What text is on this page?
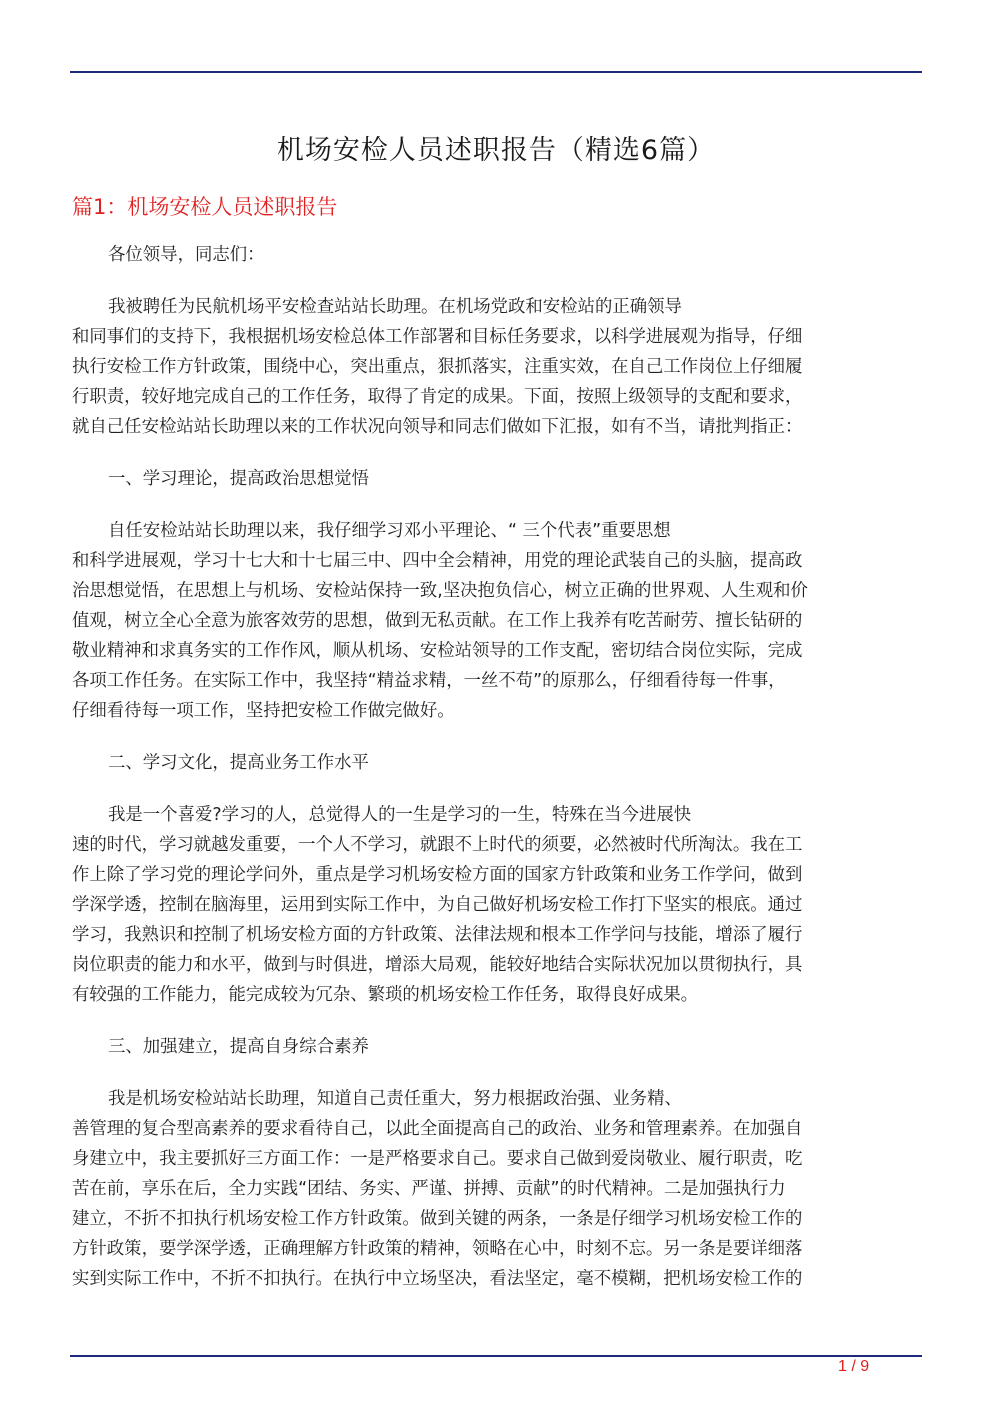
机场安检人员述职报告（精选6篇）
篇1：机场安检人员述职报告

各位领导，同志们：

我被聘任为民航机场平安检查站站长助理。在机场党政和安检站的正确领导
和同事们的支持下，我根据机场安检总体工作部署和目标任务要求，以科学进展观为指导，仔细
执行安检工作方针政策，围绕中心，突出重点，狠抓落实，注重实效，在自己工作岗位上仔细履
行职责，较好地完成自己的工作任务，取得了肯定的成果。下面，按照上级领导的支配和要求，
就自己任安检站站长助理以来的工作状况向领导和同志们做如下汇报，如有不当，请批判指正：

一、学习理论，提高政治思想觉悟

自任安检站站长助理以来，我仔细学习邓小平理论、“ 三个代表”重要思想
和科学进展观，学习十七大和十七届三中、四中全会精神，用党的理论武装自己的头脑，提高政
治思想觉悟，在思想上与机场、安检站保持一致,坚决抱负信心，树立正确的世界观、人生观和价
值观，树立全心全意为旅客效劳的思想，做到无私贡献。在工作上我养有吃苦耐劳、擅长钻研的
敬业精神和求真务实的工作作风，顺从机场、安检站领导的工作支配，密切结合岗位实际，完成
各项工作任务。在实际工作中，我坚持“精益求精，一丝不苟”的原那么，仔细看待每一件事，
仔细看待每一项工作，坚持把安检工作做完做好。

二、学习文化，提高业务工作水平

我是一个喜爱?学习的人，总觉得人的一生是学习的一生，特殊在当今进展快
速的时代，学习就越发重要，一个人不学习，就跟不上时代的须要，必然被时代所淘汰。我在工
作上除了学习党的理论学问外，重点是学习机场安检方面的国家方针政策和业务工作学问，做到
学深学透，控制在脑海里，运用到实际工作中，为自己做好机场安检工作打下坚实的根底。通过
学习，我熟识和控制了机场安检方面的方针政策、法律法规和根本工作学问与技能，增添了履行
岗位职责的能力和水平，做到与时俱进，增添大局观，能较好地结合实际状况加以贯彻执行，具
有较强的工作能力，能完成较为冗杂、繁琐的机场安检工作任务，取得良好成果。

三、加强建立，提高自身综合素养

我是机场安检站站长助理，知道自己责任重大，努力根据政治强、业务精、
善管理的复合型高素养的要求看待自己，以此全面提高自己的政治、业务和管理素养。在加强自
身建立中，我主要抓好三方面工作：一是严格要求自己。要求自己做到爱岗敬业、履行职责，吃
苦在前，享乐在后，全力实践“团结、务实、严谨、拼搏、贡献”的时代精神。二是加强执行力
建立，不折不扣执行机场安检工作方针政策。做到关键的两条，一条是仔细学习机场安检工作的
方针政策，要学深学透，正确理解方针政策的精神，领略在心中，时刻不忘。另一条是要详细落
实到实际工作中，不折不扣执行。在执行中立场坚决，看法坚定，毫不模糊，把机场安检工作的

1 / 9
